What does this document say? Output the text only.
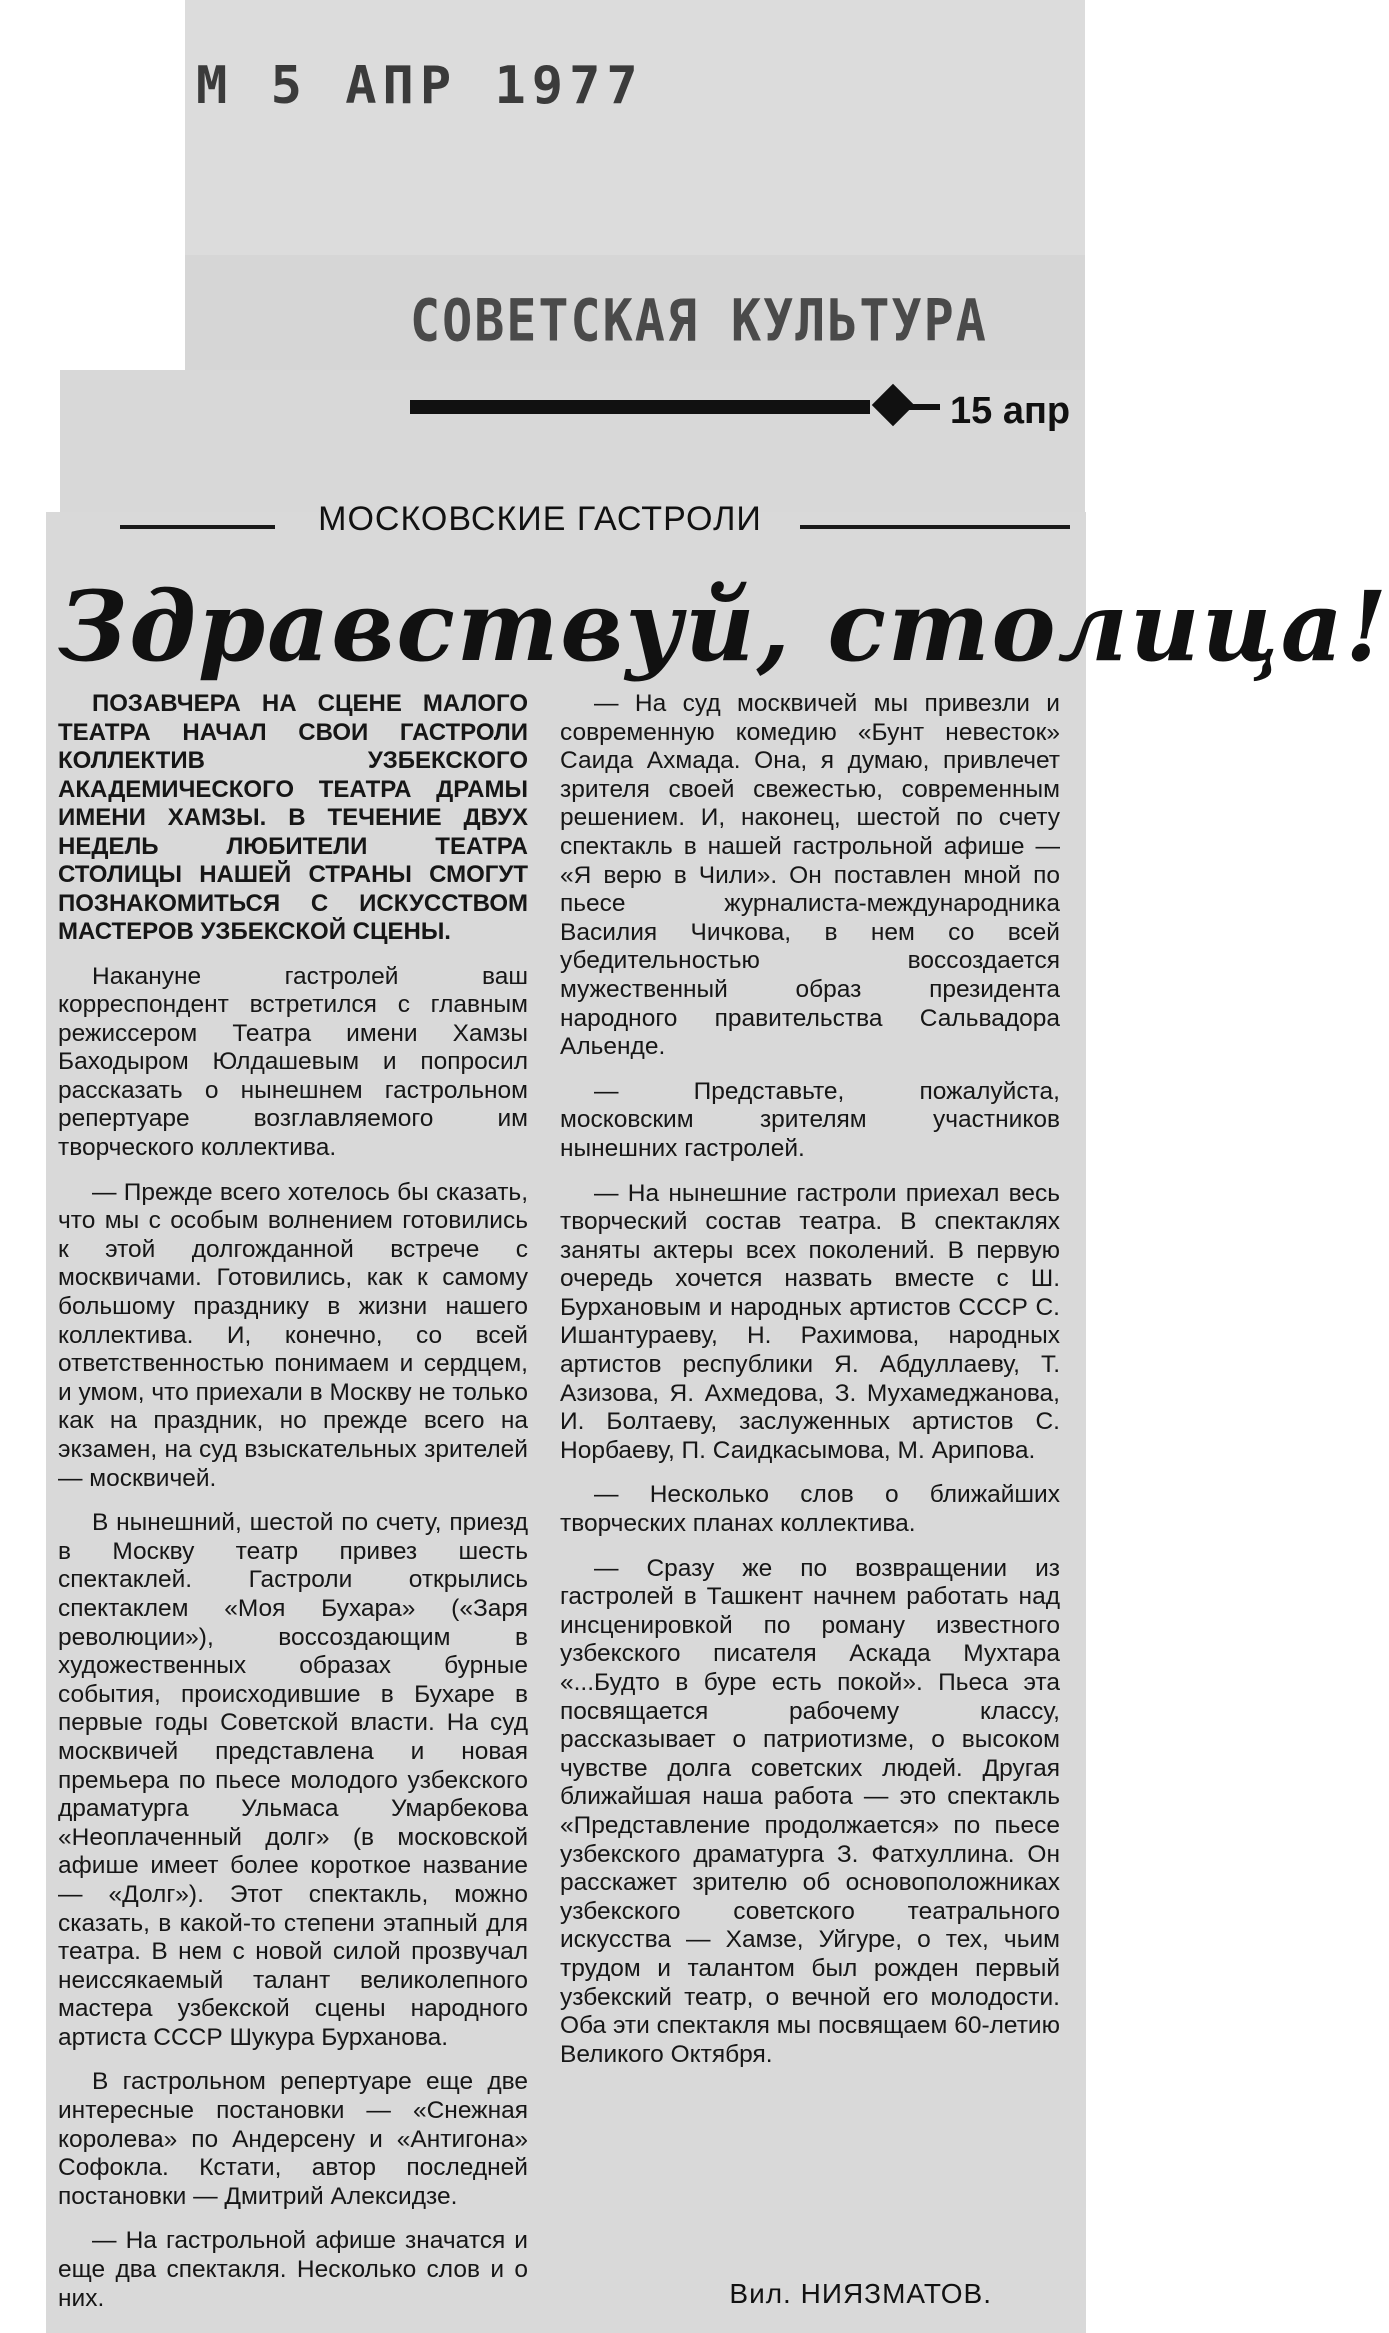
М 5 АПР 1977
СОВЕТСКАЯ КУЛЬТУРА
15 апр
МОСКОВСКИЕ ГАСТРОЛИ
Здравствуй, столица!

ПОЗАВЧЕРА НА СЦЕНЕ МАЛОГО ТЕАТРА НАЧАЛ СВОИ ГАСТРОЛИ КОЛЛЕКТИВ УЗБЕКСКОГО АКАДЕМИЧЕСКОГО ТЕАТРА ДРАМЫ ИМЕНИ ХАМЗЫ. В ТЕЧЕНИЕ ДВУХ НЕДЕЛЬ ЛЮБИТЕЛИ ТЕАТРА СТОЛИЦЫ НАШЕЙ СТРАНЫ СМОГУТ ПОЗНАКОМИТЬСЯ С ИСКУССТВОМ МАСТЕРОВ УЗБЕКСКОЙ СЦЕНЫ.

Накануне гастролей ваш корреспондент встретился с главным режиссером Театра имени Хамзы Баходыром Юлдашевым и попросил рассказать о нынешнем гастрольном репертуаре возглавляемого им творческого коллектива.

— Прежде всего хотелось бы сказать, что мы с особым волнением готовились к этой долгожданной встрече с москвичами. Готовились, как к самому большому празднику в жизни нашего коллектива. И, конечно, со всей ответственностью понимаем и сердцем, и умом, что приехали в Москву не только как на праздник, но прежде всего на экзамен, на суд взыскательных зрителей — москвичей.

В нынешний, шестой по счету, приезд в Москву театр привез шесть спектаклей. Гастроли открылись спектаклем «Моя Бухара» («Заря революции»), воссоздающим в художественных образах бурные события, происходившие в Бухаре в первые годы Советской власти. На суд москвичей представлена и новая премьера по пьесе молодого узбекского драматурга Ульмаса Умарбекова «Неоплаченный долг» (в московской афише имеет более короткое название — «Долг»). Этот спектакль, можно сказать, в какой-то степени этапный для театра. В нем с новой силой прозвучал неиссякаемый талант великолепного мастера узбекской сцены народного артиста СССР Шукура Бурханова.

В гастрольном репертуаре еще две интересные постановки — «Снежная королева» по Андерсену и «Антигона» Софокла. Кстати, автор последней постановки — Дмитрий Алексидзе.

— На гастрольной афише значатся и еще два спектакля. Несколько слов и о них.

— На суд москвичей мы привезли и современную комедию «Бунт невесток» Саида Ахмада. Она, я думаю, привлечет зрителя своей свежестью, современным решением. И, наконец, шестой по счету спектакль в нашей гастрольной афише — «Я верю в Чили». Он поставлен мной по пьесе журналиста-международника Василия Чичкова, в нем со всей убедительностью воссоздается мужественный образ президента народного правительства Сальвадора Альенде.

— Представьте, пожалуйста, московским зрителям участников нынешних гастролей.

— На нынешние гастроли приехал весь творческий состав театра. В спектаклях заняты актеры всех поколений. В первую очередь хочется назвать вместе с Ш. Бурхановым и народных артистов СССР С. Ишантураеву, Н. Рахимова, народных артистов республики Я. Абдуллаеву, Т. Азизова, Я. Ахмедова, З. Мухамеджанова, И. Болтаеву, заслуженных артистов С. Норбаеву, П. Саидкасымова, М. Арипова.

— Несколько слов о ближайших творческих планах коллектива.

— Сразу же по возвращении из гастролей в Ташкент начнем работать над инсценировкой по роману известного узбекского писателя Аскада Мухтара «...Будто в буре есть покой». Пьеса эта посвящается рабочему классу, рассказывает о патриотизме, о высоком чувстве долга советских людей. Другая ближайшая наша работа — это спектакль «Представление продолжается» по пьесе узбекского драматурга З. Фатхуллина. Он расскажет зрителю об основоположниках узбекского советского театрального искусства — Хамзе, Уйгуре, о тех, чьим трудом и талантом был рожден первый узбекский театр, о вечной его молодости. Оба эти спектакля мы посвящаем 60-летию Великого Октября.

Вил. НИЯЗМАТОВ.
